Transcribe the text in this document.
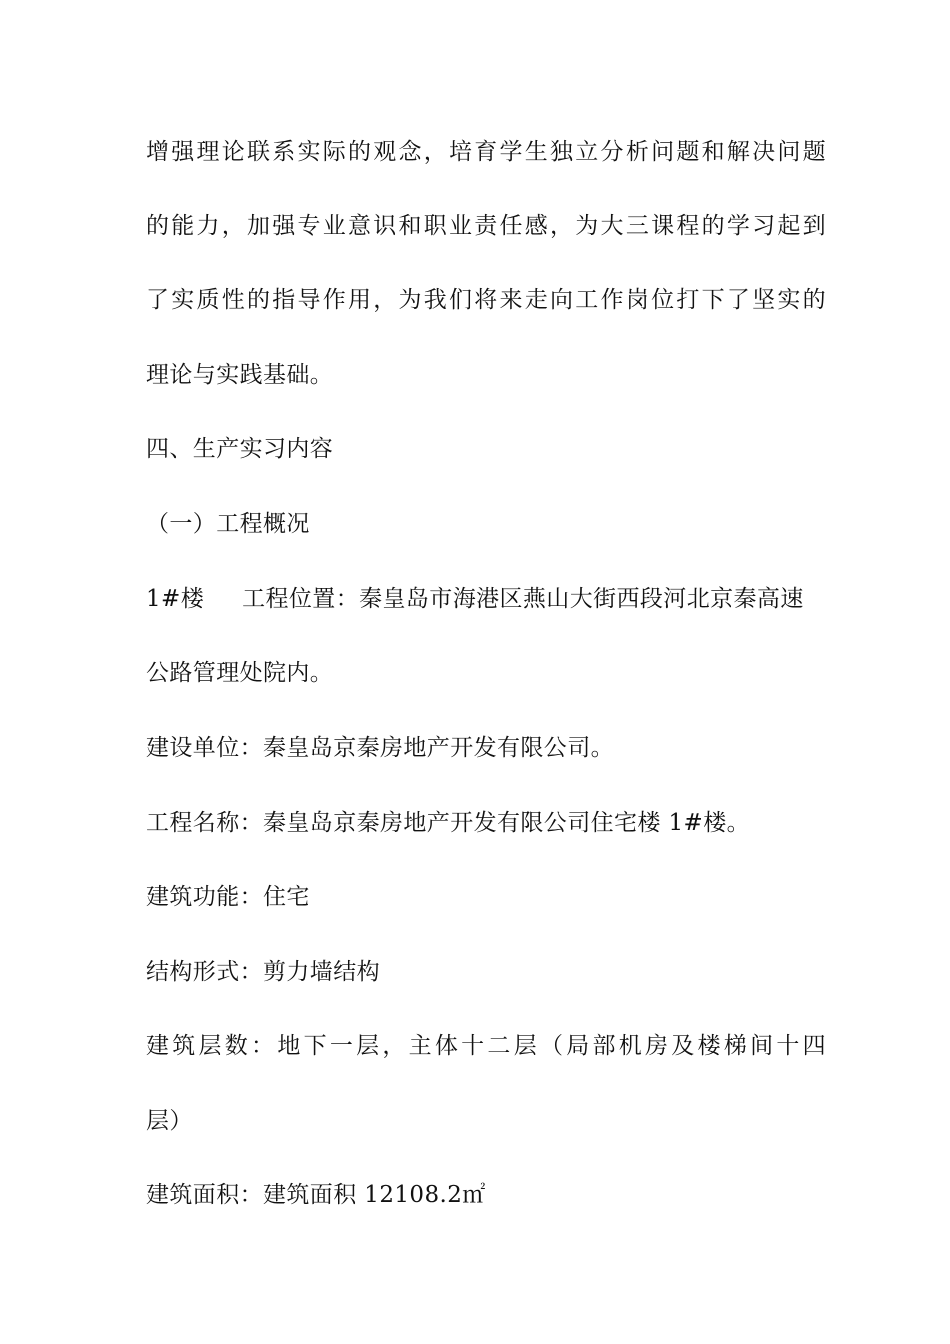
增强理论联系实际的观念，培育学生独立分析问题和解决问题
的能力，加强专业意识和职业责任感，为大三课程的学习起到
了实质性的指导作用，为我们将来走向工作岗位打下了坚实的
理论与实践基础。
四、生产实习内容
（一）工程概况
1#楼 工程位置：秦皇岛市海港区燕山大街西段河北京秦高速
公路管理处院内。
建设单位：秦皇岛京秦房地产开发有限公司。
工程名称：秦皇岛京秦房地产开发有限公司住宅楼 1#楼。
建筑功能：住宅
结构形式：剪力墙结构
建筑层数：地下一层，主体十二层（局部机房及楼梯间十四
层）
建筑面积：建筑面积 12108.2㎡
